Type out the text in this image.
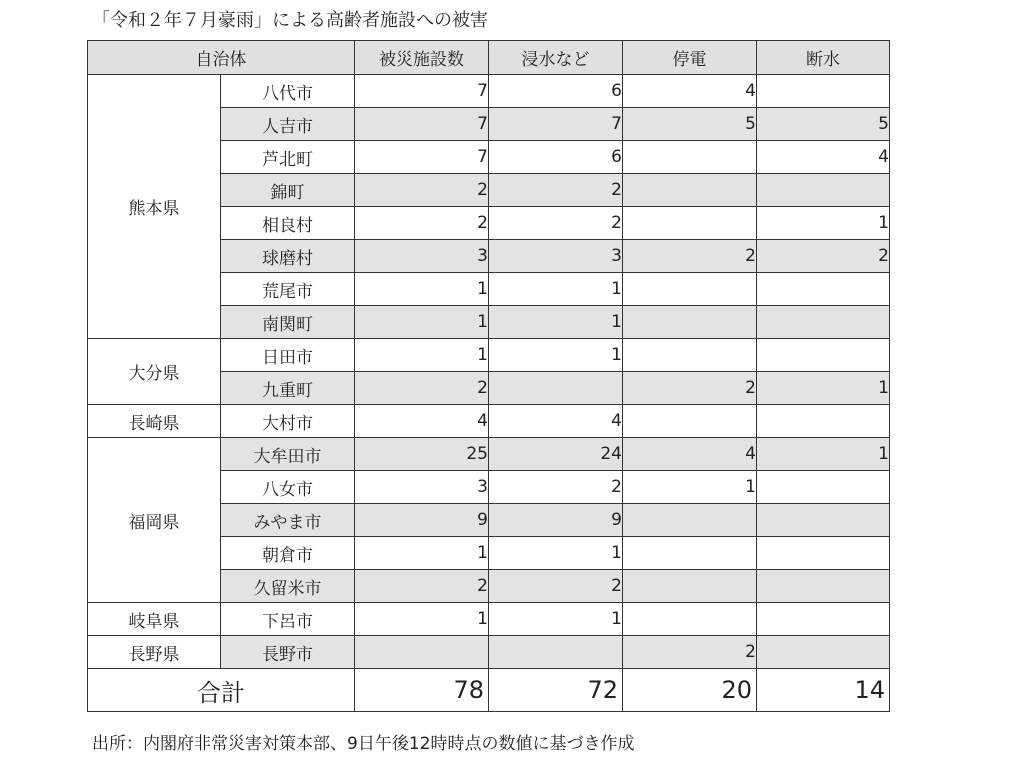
「令和２年７月豪雨」による高齢者施設への被害
自治体		被災施設数	浸水など	停電	断水
熊本県	八代市	7	6	4	
	人吉市	7	7	5	5
	芦北町	7	6		4
	錦町	2	2		
	相良村	2	2		1
	球磨村	3	3	2	2
	荒尾市	1	1		
	南関町	1	1		
大分県	日田市	1	1		
	九重町	2		2	1
長崎県	大村市	4	4		
福岡県	大牟田市	25	24	4	1
	八女市	3	2	1	
	みやま市	9	9		
	朝倉市	1	1		
	久留米市	2	2		
岐阜県	下呂市	1	1		
長野県	長野市			2	
合計		78	72	20	14
出所：内閣府非常災害対策本部、9日午後12時時点の数値に基づき作成
